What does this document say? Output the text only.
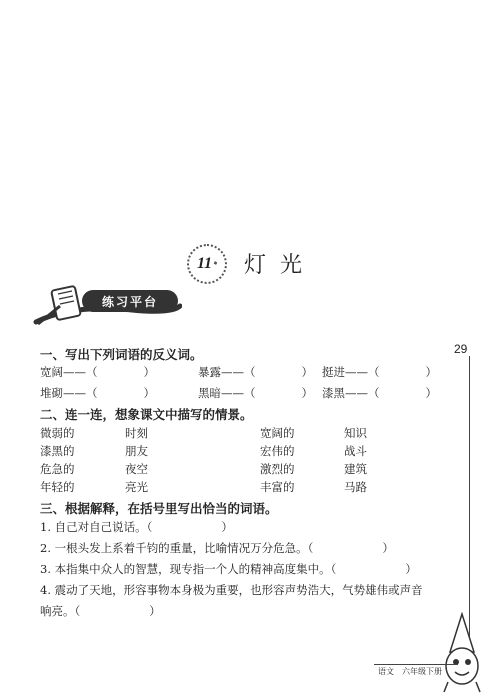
11 * 灯光
练习平台
29
一、写出下列词语的反义词。
宽阔——（　　　　）	暴露——（　　　　） 挺进——（　　　　）
堆砌——（　　　　）	黑暗——（　　　　） 漆黑——（　　　　）
二、连一连，想象课文中描写的情景。
微弱的
漆黑的
危急的
年轻的
时刻
朋友
夜空
亮光
宽阔的
宏伟的
激烈的
丰富的
知识
战斗
建筑
马路
三、根据解释，在括号里写出恰当的词语。
1. 自己对自己说话。（　　　　　　）
2. 一根头发上系着千钧的重量，比喻情况万分危急。（　　　　　　）
3. 本指集中众人的智慧，现专指一个人的精神高度集中。（　　　　　　）
4. 震动了天地，形容事物本身极为重要，也形容声势浩大，气势雄伟或声音
响亮。（　　　　　　）
语文 六年级下册
